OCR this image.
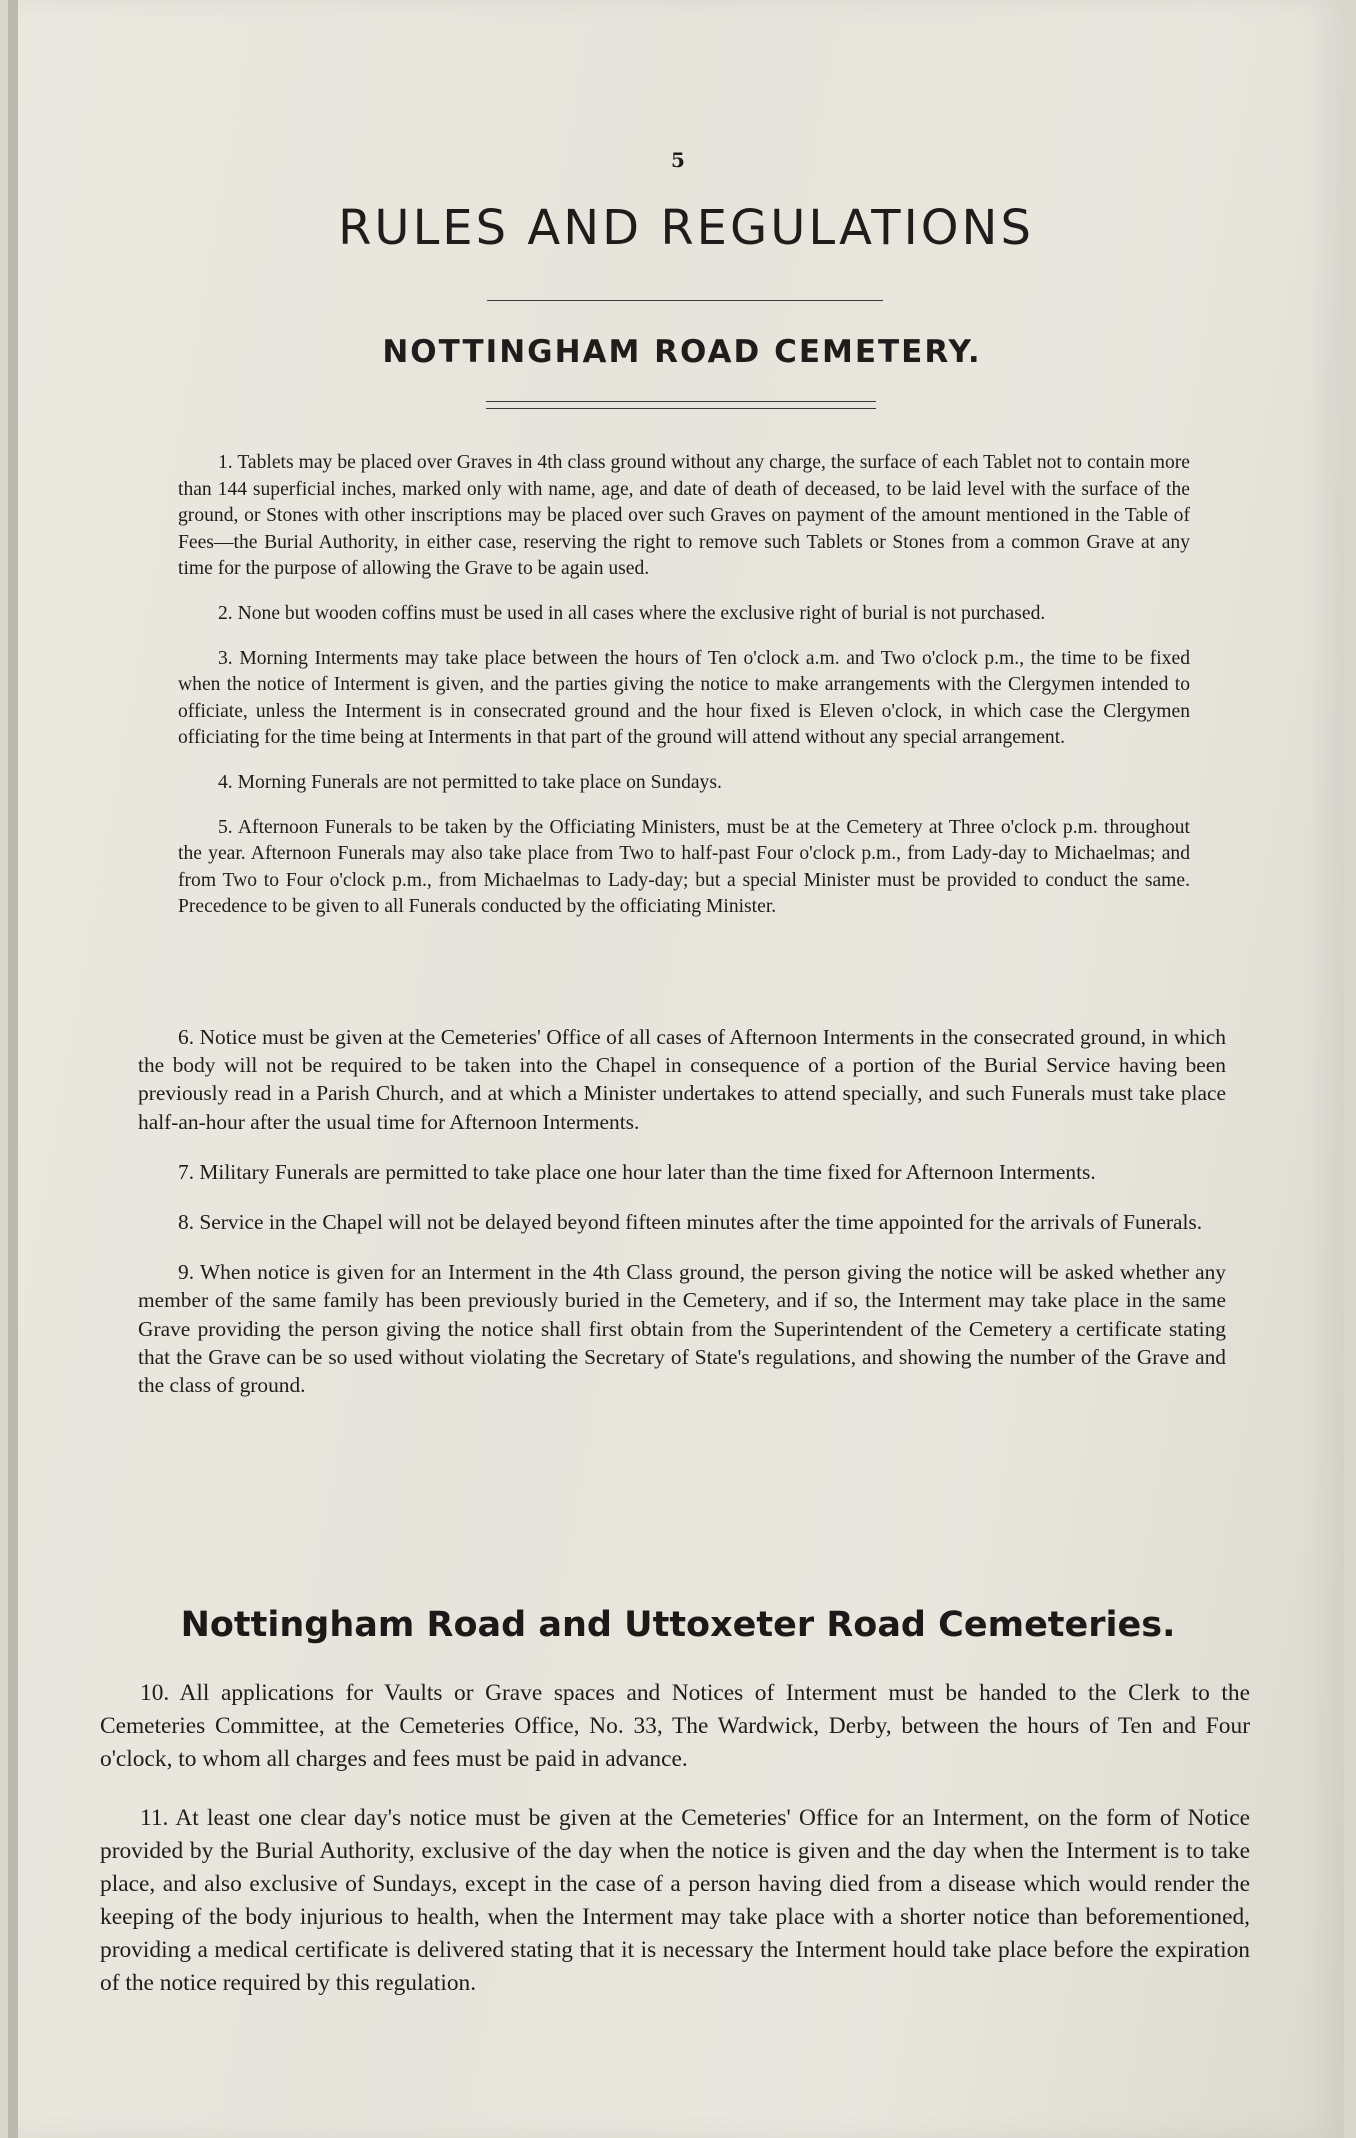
5
RULES AND REGULATIONS
NOTTINGHAM ROAD CEMETERY.

1. Tablets may be placed over Graves in 4th class ground without any charge, the surface of each Tablet not to contain more than 144 superficial inches, marked only with name, age, and date of death of deceased, to be laid level with the surface of the ground, or Stones with other inscriptions may be placed over such Graves on payment of the amount mentioned in the Table of Fees—the Burial Authority, in either case, reserving the right to remove such Tablets or Stones from a common Grave at any time for the purpose of allowing the Grave to be again used.

2. None but wooden coffins must be used in all cases where the exclusive right of burial is not purchased.

3. Morning Interments may take place between the hours of Ten o'clock a.m. and Two o'clock p.m., the time to be fixed when the notice of Interment is given, and the parties giving the notice to make arrangements with the Clergymen intended to officiate, unless the Interment is in consecrated ground and the hour fixed is Eleven o'clock, in which case the Clergymen officiating for the time being at Interments in that part of the ground will attend without any special arrangement.

4. Morning Funerals are not permitted to take place on Sundays.

5. Afternoon Funerals to be taken by the Officiating Ministers, must be at the Cemetery at Three o'clock p.m. throughout the year. Afternoon Funerals may also take place from Two to half-past Four o'clock p.m., from Lady-day to Michaelmas; and from Two to Four o'clock p.m., from Michaelmas to Lady-day; but a special Minister must be provided to conduct the same. Precedence to be given to all Funerals conducted by the officiating Minister.

6. Notice must be given at the Cemeteries' Office of all cases of Afternoon Interments in the consecrated ground, in which the body will not be required to be taken into the Chapel in consequence of a portion of the Burial Service having been previously read in a Parish Church, and at which a Minister undertakes to attend specially, and such Funerals must take place half-an-hour after the usual time for Afternoon Interments.

7. Military Funerals are permitted to take place one hour later than the time fixed for Afternoon Interments.

8. Service in the Chapel will not be delayed beyond fifteen minutes after the time appointed for the arrivals of Funerals.

9. When notice is given for an Interment in the 4th Class ground, the person giving the notice will be asked whether any member of the same family has been previously buried in the Cemetery, and if so, the Interment may take place in the same Grave providing the person giving the notice shall first obtain from the Superintendent of the Cemetery a certificate stating that the Grave can be so used without violating the Secretary of State's regulations, and showing the number of the Grave and the class of ground.

Nottingham Road and Uttoxeter Road Cemeteries.

10. All applications for Vaults or Grave spaces and Notices of Interment must be handed to the Clerk to the Cemeteries Committee, at the Cemeteries Office, No. 33, The Wardwick, Derby, between the hours of Ten and Four o'clock, to whom all charges and fees must be paid in advance.

11. At least one clear day's notice must be given at the Cemeteries' Office for an Interment, on the form of Notice provided by the Burial Authority, exclusive of the day when the notice is given and the day when the Interment is to take place, and also exclusive of Sundays, except in the case of a person having died from a disease which would render the keeping of the body injurious to health, when the Interment may take place with a shorter notice than beforementioned, providing a medical certificate is delivered stating that it is necessary the Interment hould take place before the expiration of the notice required by this regulation.
